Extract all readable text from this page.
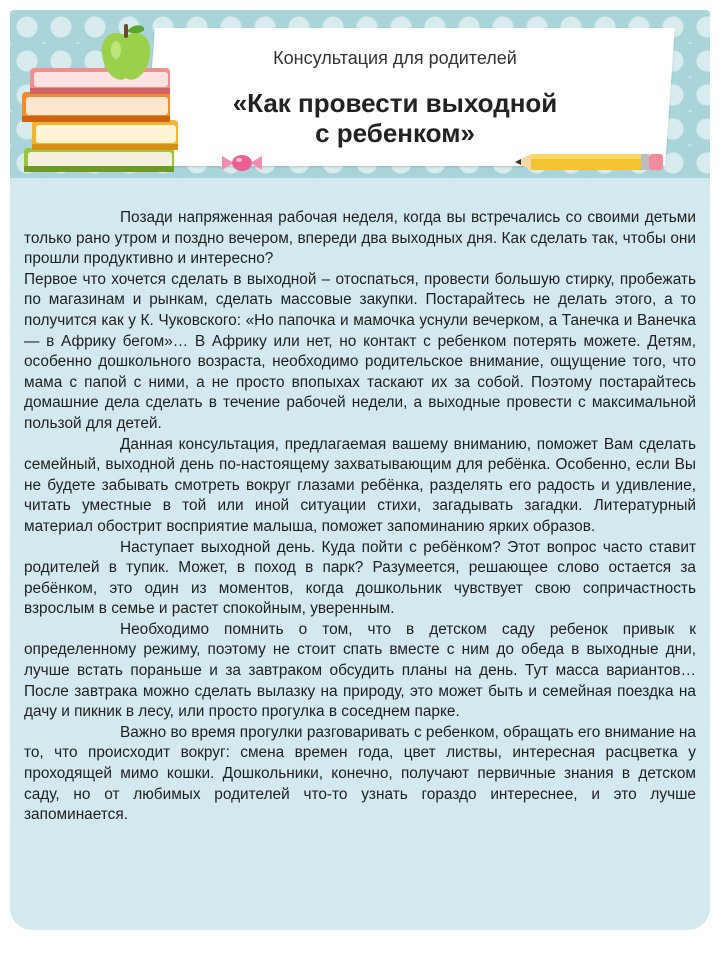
Консультация для родителей
«Как провести выходной
с ребенком»

Позади напряженная рабочая неделя, когда вы встречались со своими детьми только рано утром и поздно вечером, впереди два выходных дня. Как сделать так, чтобы они прошли продуктивно и интересно?

Первое что хочется сделать в выходной – отоспаться, провести большую стирку, пробежать по магазинам и рынкам, сделать массовые закупки. Постарайтесь не делать этого, а то получится как у К. Чуковского: «Но папочка и мамочка уснули вечерком, а Танечка и Ванечка — в Африку бегом»… В Африку или нет, но контакт с ребенком потерять можете. Детям, особенно дошкольного возраста, необходимо родительское внимание, ощущение того, что мама с папой с ними, а не просто впопыхах таскают их за собой. Поэтому постарайтесь домашние дела сделать в течение рабочей недели, а выходные провести с максимальной пользой для детей.

Данная консультация, предлагаемая вашему вниманию, поможет Вам сделать семейный, выходной день по-настоящему захватывающим для ребёнка. Особенно, если Вы не будете забывать смотреть вокруг глазами ребёнка, разделять его радость и удивление, читать уместные в той или иной ситуации стихи, загадывать загадки. Литературный материал обострит восприятие малыша, поможет запоминанию ярких образов.

Наступает выходной день. Куда пойти с ребёнком? Этот вопрос часто ставит родителей в тупик. Может, в поход в парк? Разумеется, решающее слово остается за ребёнком, это один из моментов, когда дошкольник чувствует свою сопричастность взрослым в семье и растет спокойным, уверенным.

Необходимо помнить о том, что в детском саду ребенок привык к определенному режиму, поэтому не стоит спать вместе с ним до обеда в выходные дни, лучше встать пораньше и за завтраком обсудить планы на день. Тут масса вариантов… После завтрака можно сделать вылазку на природу, это может быть и семейная поездка на дачу и пикник в лесу, или просто прогулка в соседнем парке.

Важно во время прогулки разговаривать с ребенком, обращать его внимание на то, что происходит вокруг: смена времен года, цвет листвы, интересная расцветка у проходящей мимо кошки. Дошкольники, конечно, получают первичные знания в детском саду, но от любимых родителей что-то узнать гораздо интереснее, и это лучше запоминается.
